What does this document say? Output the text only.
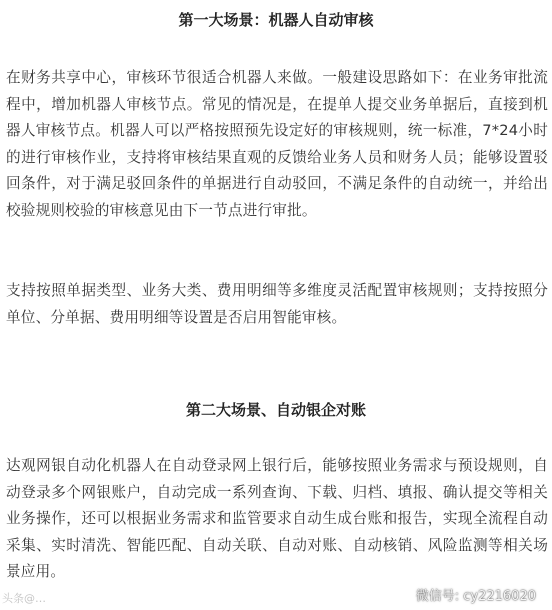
第一大场景：机器人自动审核

在财务共享中心，审核环节很适合机器人来做。一般建设思路如下：在业务审批流程中，增加机器人审核节点。常见的情况是，在提单人提交业务单据后，直接到机器人审核节点。机器人可以严格按照预先设定好的审核规则，统一标准，7*24小时的进行审核作业，支持将审核结果直观的反馈给业务人员和财务人员；能够设置驳回条件，对于满足驳回条件的单据进行自动驳回，不满足条件的自动统一，并给出校验规则校验的审核意见由下一节点进行审批。

支持按照单据类型、业务大类、费用明细等多维度灵活配置审核规则；支持按照分单位、分单据、费用明细等设置是否启用智能审核。

第二大场景、自动银企对账

达观网银自动化机器人在自动登录网上银行后，能够按照业务需求与预设规则，自动登录多个网银账户，自动完成一系列查询、下载、归档、填报、确认提交等相关业务操作，还可以根据业务需求和监管要求自动生成台账和报告，实现全流程自动采集、实时清洗、智能匹配、自动关联、自动对账、自动核销、风险监测等相关场景应用。

头条@…	微信号: cy2216020
